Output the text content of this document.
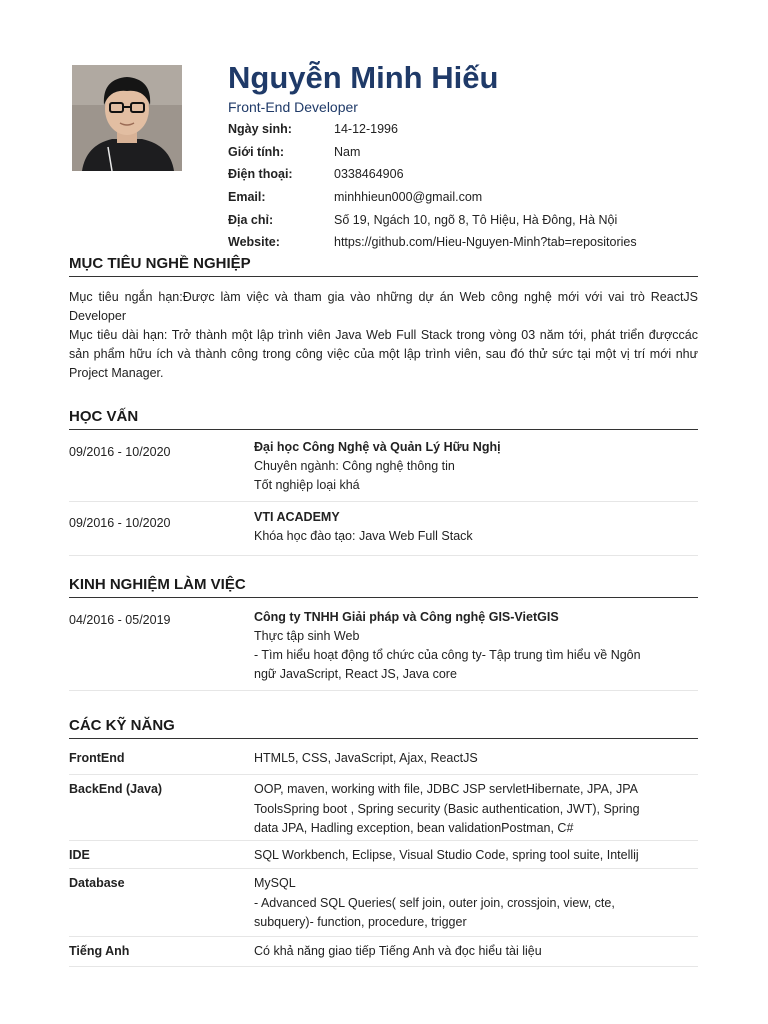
Nguyễn Minh Hiếu
Front-End Developer
Ngày sinh:	14-12-1996
Giới tính:	Nam
Điện thoại:	0338464906
Email:	minhhieun000@gmail.com
Địa chỉ:	Số 19, Ngách 10, ngõ 8, Tô Hiệu, Hà Đông, Hà Nội
Website:	https://github.com/Hieu-Nguyen-Minh?tab=repositories
MỤC TIÊU NGHỀ NGHIỆP

Mục tiêu ngắn hạn:Được làm việc và tham gia vào những dự án Web công nghệ mới với vai trò ReactJS Developer

Mục tiêu dài hạn: Trở thành một lập trình viên Java Web Full Stack trong vòng 03 năm tới, phát triển đượccác sản phẩm hữu ích và thành công trong công việc của một lập trình viên, sau đó thử sức tại một vị trí mới như Project Manager.

HỌC VẤN
09/2016 - 10/2020	Đại học Công Nghệ và Quản Lý Hữu Nghị
Chuyên ngành: Công nghệ thông tin
Tốt nghiệp loại khá
09/2016 - 10/2020	VTI ACADEMY
Khóa học đào tạo: Java Web Full Stack
KINH NGHIỆM LÀM VIỆC
04/2016 - 05/2019	Công ty TNHH Giải pháp và Công nghệ GIS-VietGIS
Thực tập sinh Web
- Tìm hiểu hoạt động tổ chức của công ty- Tập trung tìm hiểu về Ngôn
ngữ JavaScript, React JS, Java core
CÁC KỸ NĂNG
FrontEnd	HTML5, CSS, JavaScript, Ajax, ReactJS
BackEnd (Java)	OOP, maven, working with file, JDBC JSP servletHibernate, JPA, JPA
ToolsSpring boot , Spring security (Basic authentication, JWT), Spring
data JPA, Hadling exception, bean validationPostman, C#
IDE	SQL Workbench, Eclipse, Visual Studio Code, spring tool suite, Intellij
Database	MySQL
- Advanced SQL Queries( self join, outer join, crossjoin, view, cte,
subquery)- function, procedure, trigger
Tiếng Anh	Có khả năng giao tiếp Tiếng Anh và đọc hiểu tài liệu
